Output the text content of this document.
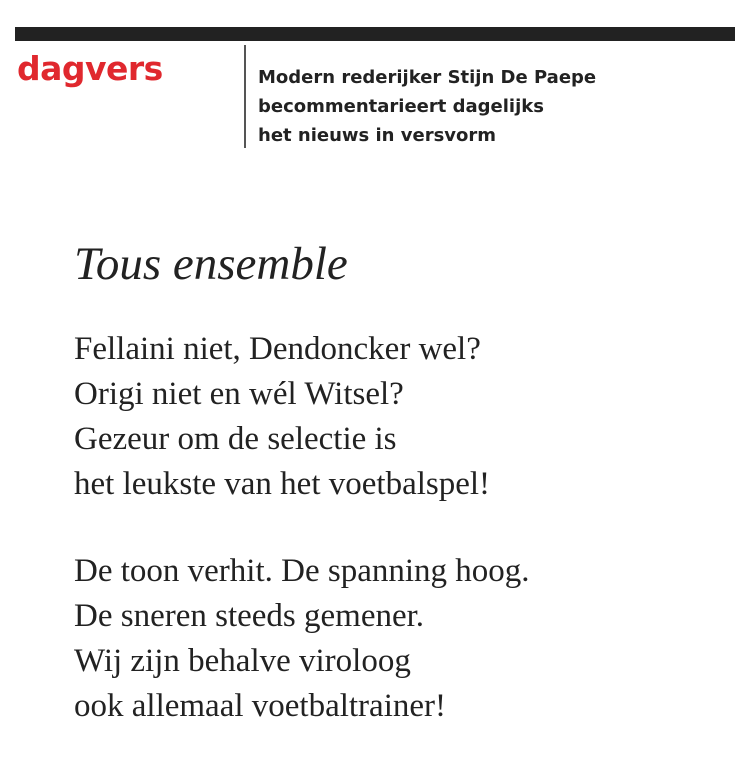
dagvers	Modern rederijker Stijn De Paepe
becommentarieert dagelijks
het nieuws in versvorm
Tous ensemble
Fellaini niet, Dendoncker wel?
Origi niet en wél Witsel?
Gezeur om de selectie is
het leukste van het voetbalspel!
De toon verhit. De spanning hoog.
De sneren steeds gemener.
Wij zijn behalve viroloog
ook allemaal voetbaltrainer!
